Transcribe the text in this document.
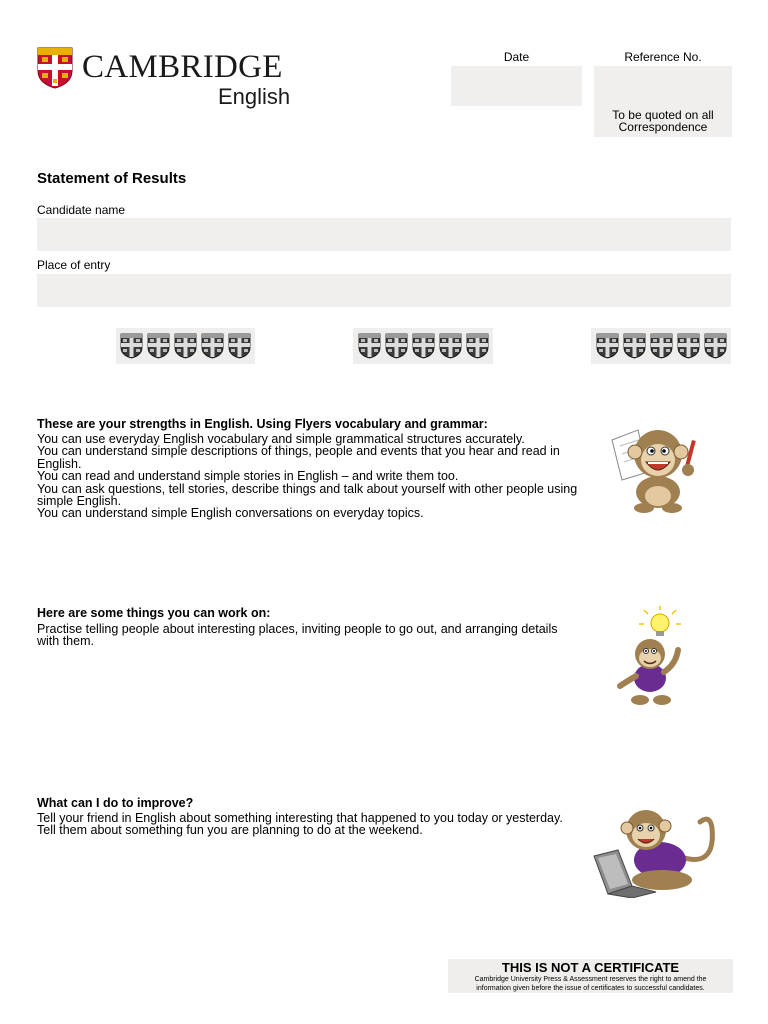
CAMBRIDGE
English
Date	Reference No.
To be quoted on all
Correspondence
Statement of Results
Candidate name
Place of entry
These are your strengths in English. Using Flyers vocabulary and grammar:
You can use everyday English vocabulary and simple grammatical structures accurately.
You can understand simple descriptions of things, people and events that you hear and read in English.
You can read and understand simple stories in English – and write them too.
You can ask questions, tell stories, describe things and talk about yourself with other people using simple English.
You can understand simple English conversations on everyday topics.
Here are some things you can work on:
Practise telling people about interesting places, inviting people to go out, and arranging details with them.
What can I do to improve?
Tell your friend in English about something interesting that happened to you today or yesterday.
Tell them about something fun you are planning to do at the weekend.
THIS IS NOT A CERTIFICATE
Cambridge University Press & Assessment reserves the right to amend the
information given before the issue of certificates to successful candidates.
